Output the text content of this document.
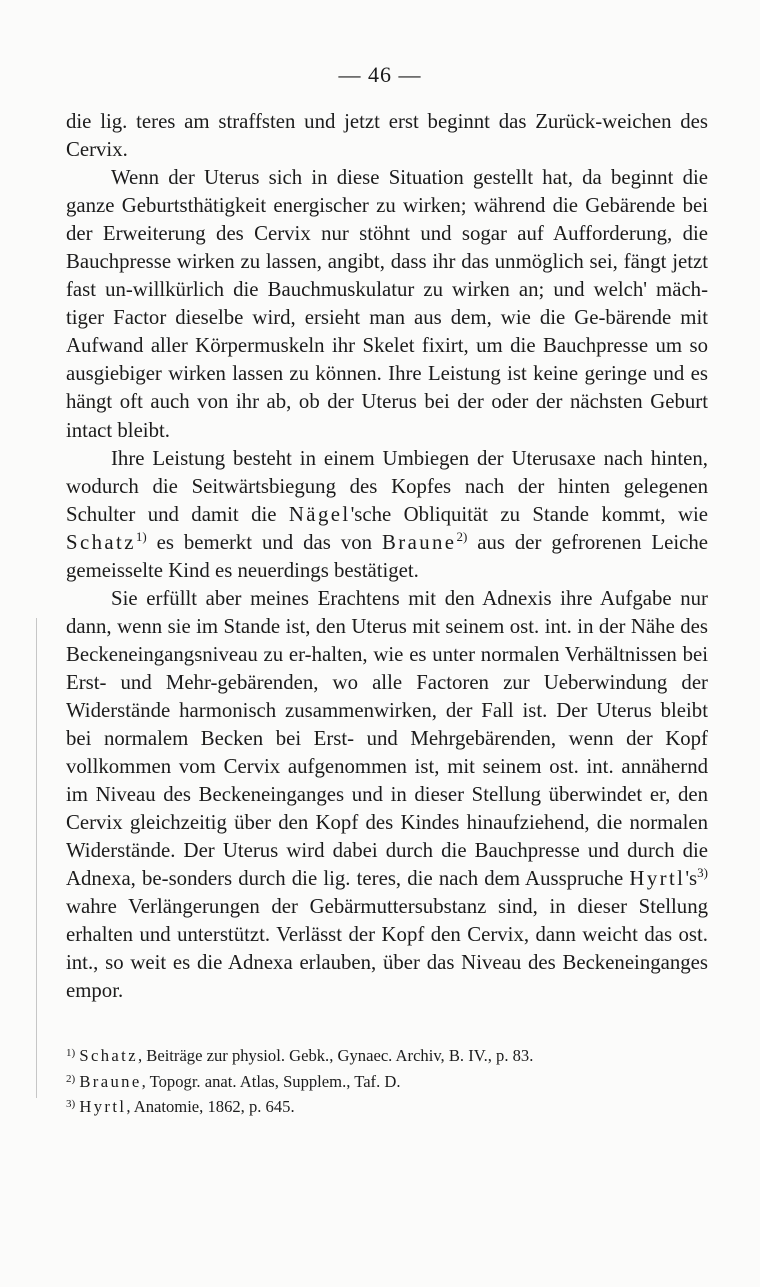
— 46 —

die lig. teres am straffsten und jetzt erst beginnt das Zurück-weichen des Cervix.

Wenn der Uterus sich in diese Situation gestellt hat, da beginnt die ganze Geburtsthätigkeit energischer zu wirken; während die Gebärende bei der Erweiterung des Cervix nur stöhnt und sogar auf Aufforderung, die Bauchpresse wirken zu lassen, angibt, dass ihr das unmöglich sei, fängt jetzt fast un-willkürlich die Bauchmuskulatur zu wirken an; und welch' mäch-tiger Factor dieselbe wird, ersieht man aus dem, wie die Ge-bärende mit Aufwand aller Körpermuskeln ihr Skelet fixirt, um die Bauchpresse um so ausgiebiger wirken lassen zu können. Ihre Leistung ist keine geringe und es hängt oft auch von ihr ab, ob der Uterus bei der oder der nächsten Geburt intact bleibt.

Ihre Leistung besteht in einem Umbiegen der Uterusaxe nach hinten, wodurch die Seitwärtsbiegung des Kopfes nach der hinten gelegenen Schulter und damit die Nägel'sche Obliquität zu Stande kommt, wie Schatz$^{1)}$ es bemerkt und das von Braune$^{2)}$ aus der gefrorenen Leiche gemeisselte Kind es neuerdings bestätiget.

Sie erfüllt aber meines Erachtens mit den Adnexis ihre Aufgabe nur dann, wenn sie im Stande ist, den Uterus mit seinem ost. int. in der Nähe des Beckeneingangsniveau zu er-halten, wie es unter normalen Verhältnissen bei Erst- und Mehr-gebärenden, wo alle Factoren zur Ueberwindung der Widerstände harmonisch zusammenwirken, der Fall ist. Der Uterus bleibt bei normalem Becken bei Erst- und Mehrgebärenden, wenn der Kopf vollkommen vom Cervix aufgenommen ist, mit seinem ost. int. annähernd im Niveau des Beckeneinganges und in dieser Stellung überwindet er, den Cervix gleichzeitig über den Kopf des Kindes hinaufziehend, die normalen Widerstände. Der Uterus wird dabei durch die Bauchpresse und durch die Adnexa, be-sonders durch die lig. teres, die nach dem Ausspruche Hyrtl's$^{3)}$ wahre Verlängerungen der Gebärmuttersubstanz sind, in dieser Stellung erhalten und unterstützt. Verlässt der Kopf den Cervix, dann weicht das ost. int., so weit es die Adnexa erlauben, über das Niveau des Beckeneinganges empor.

$^{1)}$ Schatz, Beiträge zur physiol. Gebk., Gynaec. Archiv, B. IV., p. 83.
$^{2)}$ Braune, Topogr. anat. Atlas, Supplem., Taf. D.
$^{3)}$ Hyrtl, Anatomie, 1862, p. 645.
